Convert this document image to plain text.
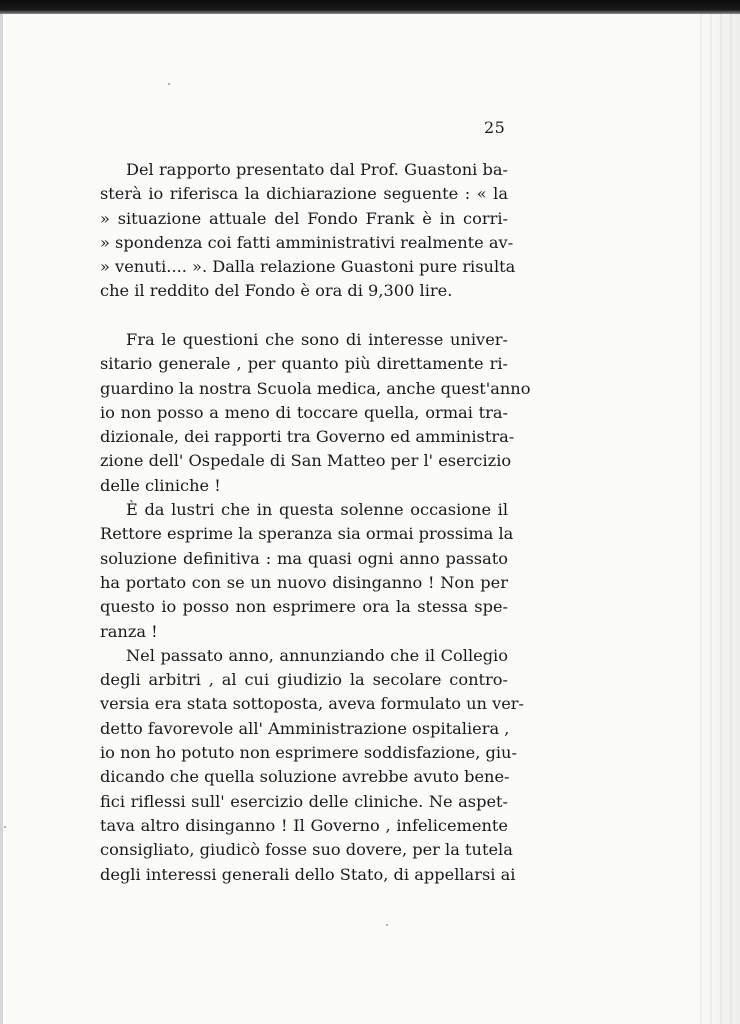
25
Del rapporto presentato dal Prof. Guastoni ba-
sterà io riferisca la dichiarazione seguente : « la
» situazione attuale del Fondo Frank è in corri-
» spondenza coi fatti amministrativi realmente av-
» venuti.... ». Dalla relazione Guastoni pure risulta
che il reddito del Fondo è ora di 9,300 lire.
Fra le questioni che sono di interesse univer-
sitario generale , per quanto più direttamente ri-
guardino la nostra Scuola medica, anche quest'anno
io non posso a meno di toccare quella, ormai tra-
dizionale, dei rapporti tra Governo ed amministra-
zione dell' Ospedale di San Matteo per l' esercizio
delle cliniche !
È da lustri che in questa solenne occasione il
Rettore esprime la speranza sia ormai prossima la
soluzione definitiva : ma quasi ogni anno passato
ha portato con se un nuovo disinganno ! Non per
questo io posso non esprimere ora la stessa spe-
ranza !
Nel passato anno, annunziando che il Collegio
degli arbitri , al cui giudizio la secolare contro-
versia era stata sottoposta, aveva formulato un ver-
detto favorevole all' Amministrazione ospitaliera ,
io non ho potuto non esprimere soddisfazione, giu-
dicando che quella soluzione avrebbe avuto bene-
fici riflessi sull' esercizio delle cliniche. Ne aspet-
tava altro disinganno ! Il Governo , infelicemente
consigliato, giudicò fosse suo dovere, per la tutela
degli interessi generali dello Stato, di appellarsi ai
